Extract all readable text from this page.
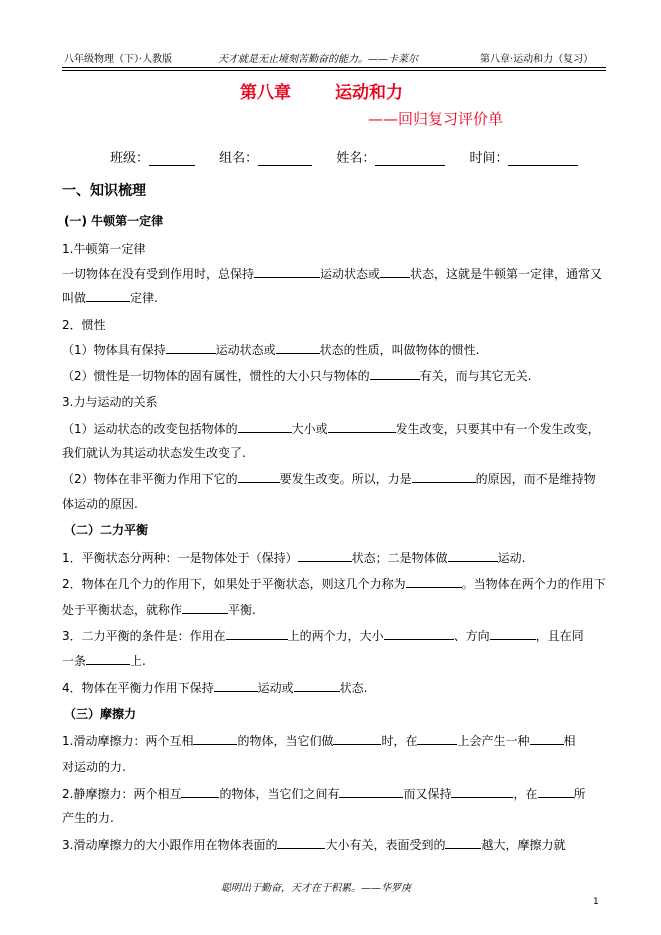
八年级物理（下）·人教版	天才就是无止境刻苦勤奋的能力。——卡莱尔	第八章·运动和力（复习）
第八章	运动和力
——回归复习评价单
班级：	组名：	姓名：	时间：
一、知识梳理
(一) 牛顿第一定律
1.牛顿第一定律
一切物体在没有受到作用时，总保持	运动状态或	状态，这就是牛顿第一定律，通常又
叫做	定律.
2．惯性
（1）物体具有保持	运动状态或	状态的性质，叫做物体的惯性.
（2）惯性是一切物体的固有属性，惯性的大小只与物体的	有关，而与其它无关.
3.力与运动的关系
（1）运动状态的改变包括物体的	大小或	发生改变，只要其中有一个发生改变，
我们就认为其运动状态发生改变了.
（2）物体在非平衡力作用下它的	要发生改变。所以，力是	的原因，而不是维持物
体运动的原因.
（二）二力平衡
1．平衡状态分两种：一是物体处于（保持）	状态；二是物体做	运动.
2．物体在几个力的作用下，如果处于平衡状态，则这几个力称为	。当物体在两个力的作用下
处于平衡状态，就称作	平衡.
3．二力平衡的条件是：作用在	上的两个力，大小	、方向	，且在同
一条	上.
4．物体在平衡力作用下保持	运动或	状态.
（三）摩擦力
1.滑动摩擦力：两个互相	的物体，当它们做	时，在	上会产生一种	相
对运动的力.
2.静摩擦力：两个相互	的物体，当它们之间有	而又保持	，在	所
产生的力.
3.滑动摩擦力的大小跟作用在物体表面的	大小有关，表面受到的	越大，摩擦力就
聪明出于勤奋，天才在于积累。——华罗庚
1
